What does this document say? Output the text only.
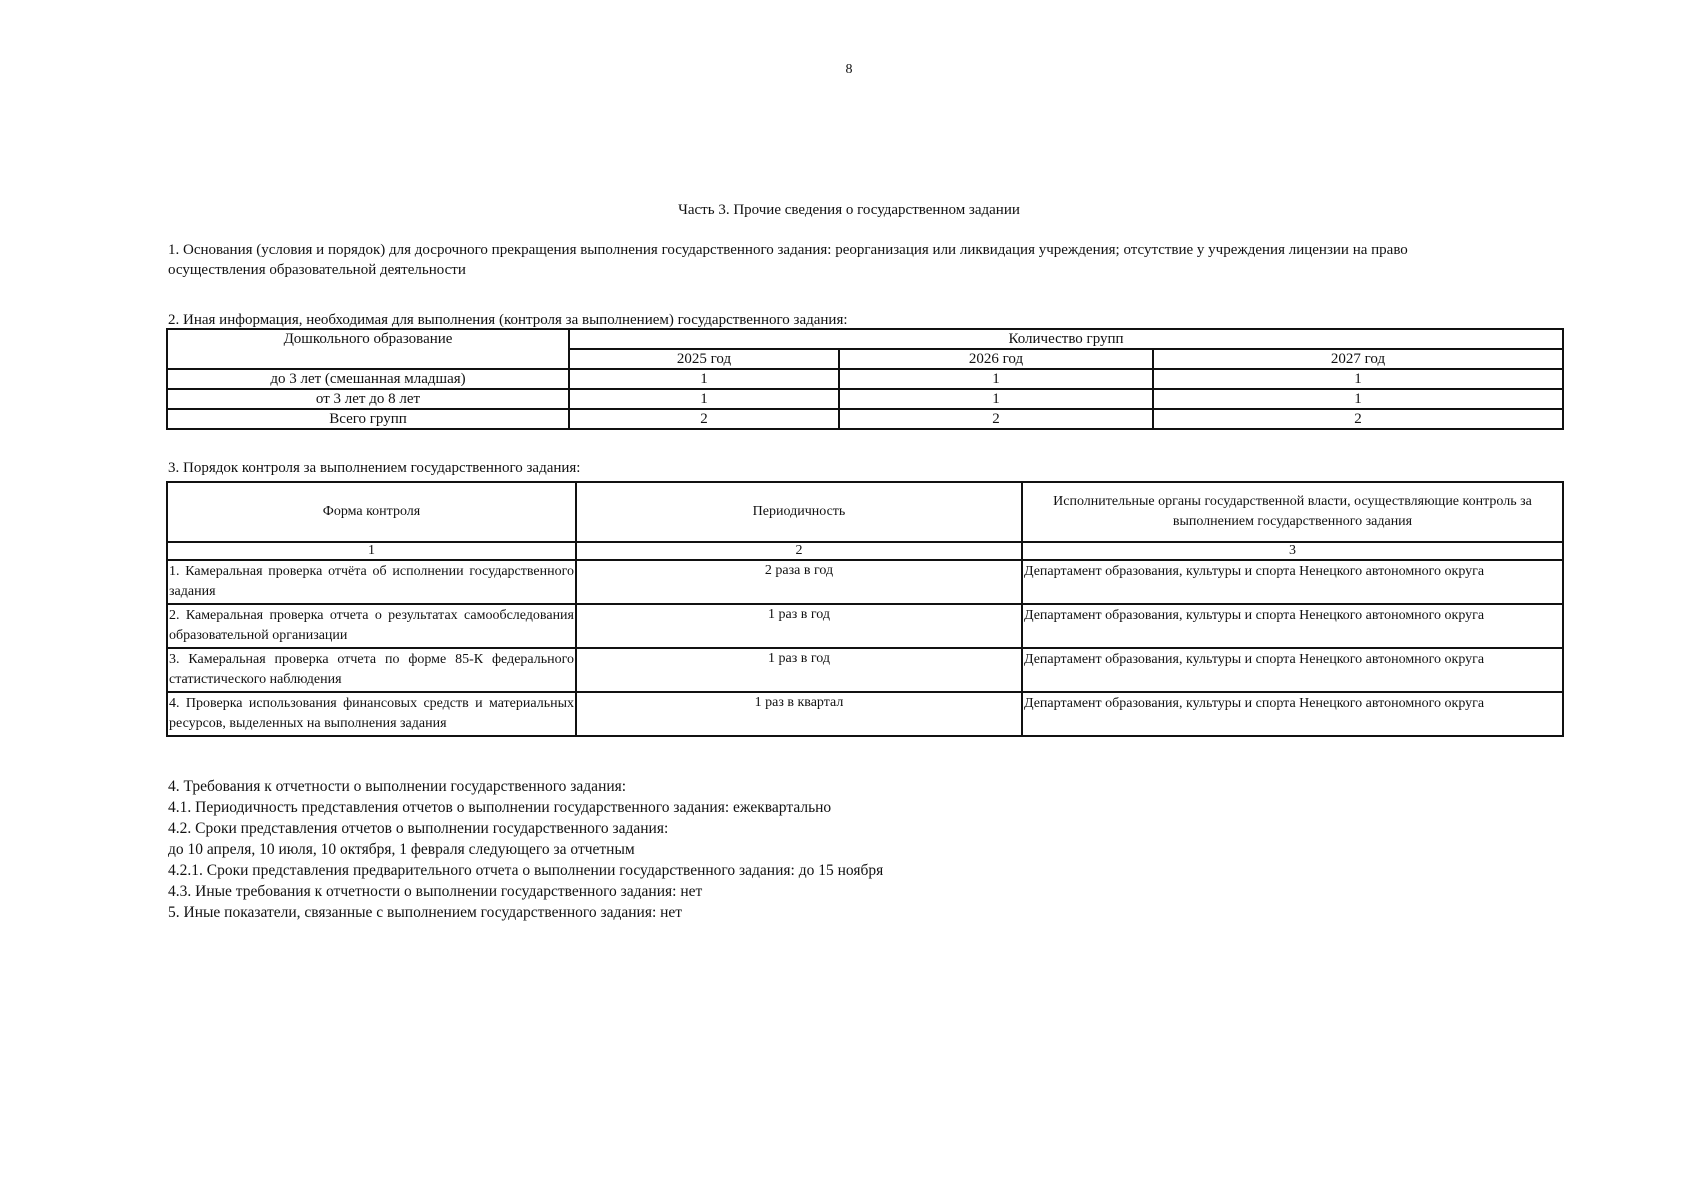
8
Часть 3. Прочие сведения о государственном задании
1. Основания (условия и порядок) для досрочного прекращения выполнения государственного задания: реорганизация или ликвидация учреждения; отсутствие у учреждения лицензии на право осуществления образовательной деятельности
2. Иная информация, необходимая для выполнения (контроля за выполнением) государственного задания:
Дошкольного образование	Количество групп		
	2025 год	2026 год	2027 год
до 3 лет (смешанная младшая)	1	1	1
от 3 лет до 8 лет	1	1	1
Всего групп	2	2	2
3. Порядок контроля за выполнением государственного задания:
Форма контроля	Периодичность	Исполнительные органы государственной власти, осуществляющие контроль за выполнением государственного задания
1	2	3
1. Камеральная проверка отчёта об исполнении государственного задания	2 раза в год	Департамент образования, культуры и спорта Ненецкого автономного округа
2. Камеральная проверка отчета о результатах самообследования образовательной организации	1 раз в год	Департамент образования, культуры и спорта Ненецкого автономного округа
3. Камеральная проверка отчета по форме 85-К федерального статистического наблюдения	1 раз в год	Департамент образования, культуры и спорта Ненецкого автономного округа
4. Проверка использования финансовых средств и материальных ресурсов, выделенных на выполнения задания	1 раз в квартал	Департамент образования, культуры и спорта Ненецкого автономного округа
4. Требования к отчетности о выполнении государственного задания:
4.1. Периодичность представления отчетов о выполнении государственного задания: ежеквартально
4.2. Сроки представления отчетов о выполнении государственного задания:
до 10 апреля, 10 июля, 10 октября, 1 февраля следующего за отчетным
4.2.1. Сроки представления предварительного отчета о выполнении государственного задания: до 15 ноября
4.3. Иные требования к отчетности о выполнении государственного задания: нет
5. Иные показатели, связанные с выполнением государственного задания: нет
